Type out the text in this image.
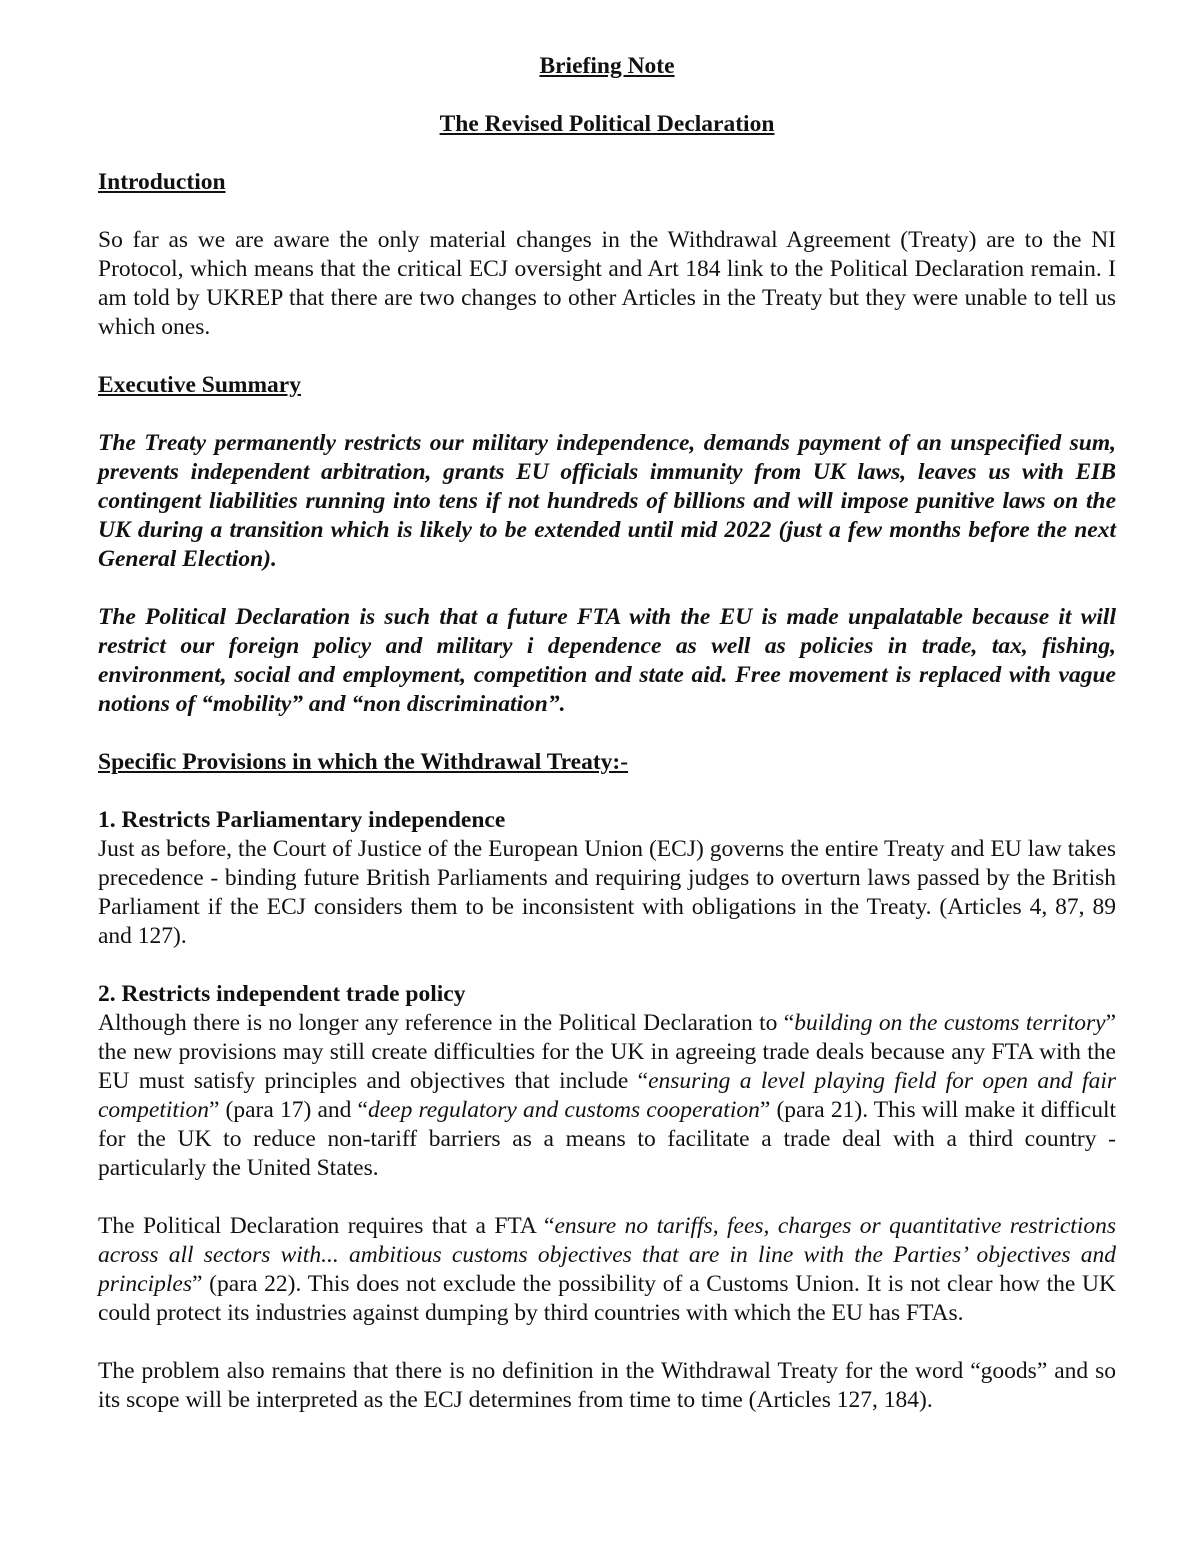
Briefing Note
The Revised Political Declaration
Introduction

So far as we are aware the only material changes in the Withdrawal Agreement (Treaty) are to the NI Protocol, which means that the critical ECJ oversight and Art 184 link to the Political Declaration remain. I am told by UKREP that there are two changes to other Articles in the Treaty but they were unable to tell us which ones.

Executive Summary

The Treaty permanently restricts our military independence, demands payment of an unspecified sum, prevents independent arbitration, grants EU officials immunity from UK laws, leaves us with EIB contingent liabilities running into tens if not hundreds of billions and will impose punitive laws on the UK during a transition which is likely to be extended until mid 2022 (just a few months before the next General Election).

The Political Declaration is such that a future FTA with the EU is made unpalatable because it will restrict our foreign policy and military i dependence as well as policies in trade, tax, fishing, environment, social and employment, competition and state aid. Free movement is replaced with vague notions of “mobility” and “non discrimination”.

Specific Provisions in which the Withdrawal Treaty:-
1. Restricts Parliamentary independence

Just as before, the Court of Justice of the European Union (ECJ) governs the entire Treaty and EU law takes precedence - binding future British Parliaments and requiring judges to overturn laws passed by the British Parliament if the ECJ considers them to be inconsistent with obligations in the Treaty. (Articles 4, 87, 89 and 127).

2. Restricts independent trade policy

Although there is no longer any reference in the Political Declaration to “building on the customs territory” the new provisions may still create difficulties for the UK in agreeing trade deals because any FTA with the EU must satisfy principles and objectives that include “ensuring a level playing field for open and fair competition” (para 17) and “deep regulatory and customs cooperation” (para 21). This will make it difficult for the UK to reduce non-tariff barriers as a means to facilitate a trade deal with a third country - particularly the United States.

The Political Declaration requires that a FTA “ensure no tariffs, fees, charges or quantitative restrictions across all sectors with... ambitious customs objectives that are in line with the Parties’ objectives and principles” (para 22). This does not exclude the possibility of a Customs Union. It is not clear how the UK could protect its industries against dumping by third countries with which the EU has FTAs.

The problem also remains that there is no definition in the Withdrawal Treaty for the word “goods” and so its scope will be interpreted as the ECJ determines from time to time (Articles 127, 184).
